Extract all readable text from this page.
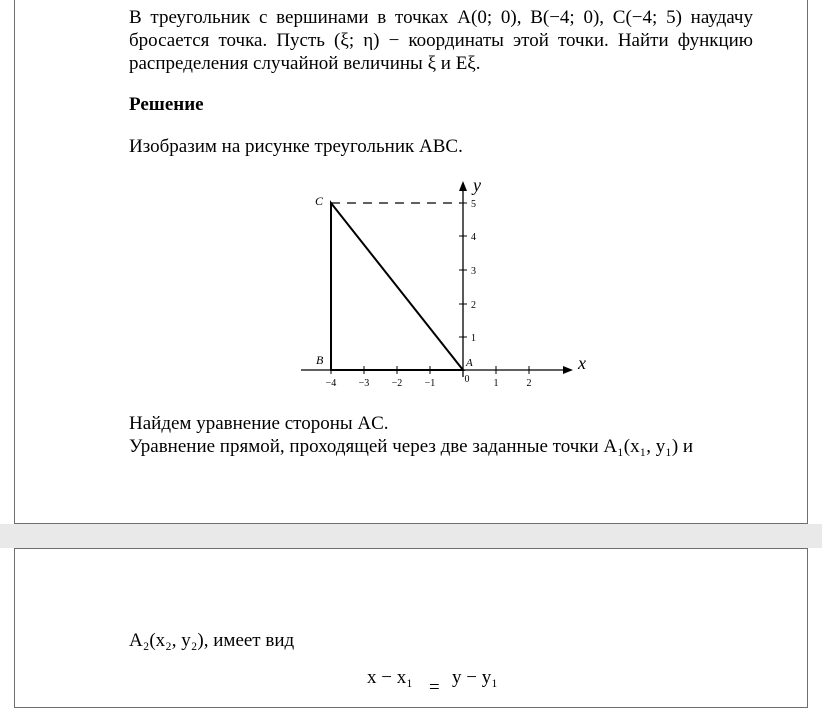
В треугольник с вершинами в точках A(0; 0), B(−4; 0), C(−4; 5) наудачу
бросается точка. Пусть (ξ; η) − координаты этой точки. Найти функцию
распределения случайной величины ξ и Eξ.
Решение
Изобразим на рисунке треугольник ABC.
−4 −3 −2 −1	0 1	2
1
2
3
4
5
x
y
C
B	A
Найдем уравнение стороны AC.
Уравнение прямой, проходящей через две заданные точки A₁(x₁, y₁) и
A₂(x₂, y₂), имеет вид
x − x₁ = y − y₁
